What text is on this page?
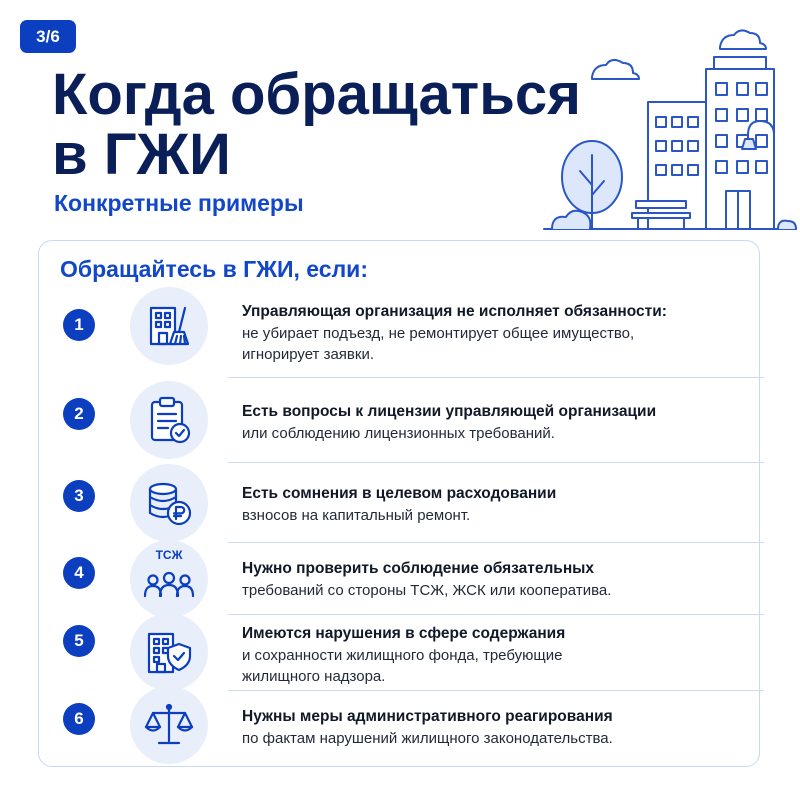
3/6
Когда обращаться
в ГЖИ
Конкретные примеры
Обращайтесь в ГЖИ, если:
1
Управляющая организация не исполняет обязанности:
не убирает подъезд, не ремонтирует общее имущество,
игнорирует заявки.
2	Есть вопросы к лицензии управляющей организации
или соблюдению лицензионных требований.
3	Есть сомнения в целевом расходовании
взносов на капитальный ремонт.
4
ТСЖ
Нужно проверить соблюдение обязательных
требований со стороны ТСЖ, ЖСК или кооператива.
5	Имеются нарушения в сфере содержания
и сохранности жилищного фонда, требующие
жилищного надзора.
6	Нужны меры административного реагирования
по фактам нарушений жилищного законодательства.
